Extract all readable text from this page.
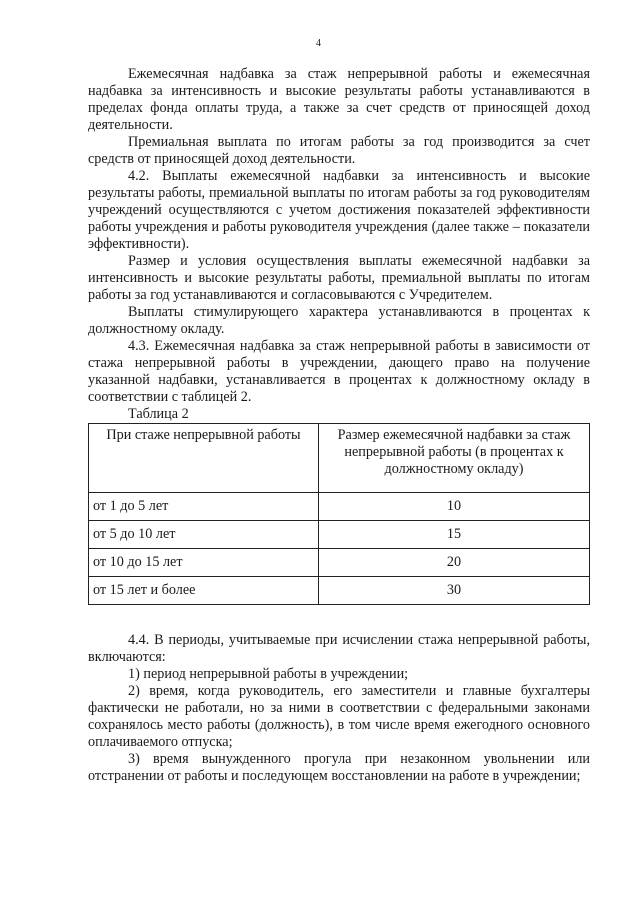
4

Ежемесячная надбавка за стаж непрерывной работы и ежемесячная надбавка за интенсивность и высокие результаты работы устанавливаются в пределах фонда оплаты труда, а также за счет средств от приносящей доход деятельности.

Премиальная выплата по итогам работы за год производится за счет средств от приносящей доход деятельности.

4.2. Выплаты ежемесячной надбавки за интенсивность и высокие результаты работы, премиальной выплаты по итогам работы за год руководителям учреждений осуществляются с учетом достижения показателей эффективности работы учреждения и работы руководителя учреждения (далее также – показатели эффективности).

Размер и условия осуществления выплаты ежемесячной надбавки за интенсивность и высокие результаты работы, премиальной выплаты по итогам работы за год устанавливаются и согласовываются с Учредителем.

Выплаты стимулирующего характера устанавливаются в процентах к должностному окладу.

4.3. Ежемесячная надбавка за стаж непрерывной работы в зависимости от стажа непрерывной работы в учреждении, дающего право на получение указанной надбавки, устанавливается в процентах к должностному окладу в соответствии с таблицей 2.

Таблица 2

При стаже непрерывной работы	Размер ежемесячной надбавки за стаж непрерывной работы (в процентах к должностному окладу)
от 1 до 5 лет	10
от 5 до 10 лет	15
от 10 до 15 лет	20
от 15 лет и более	30

4.4. В периоды, учитываемые при исчислении стажа непрерывной работы, включаются:

1) период непрерывной работы в учреждении;

2) время, когда руководитель, его заместители и главные бухгалтеры фактически не работали, но за ними в соответствии с федеральными законами сохранялось место работы (должность), в том числе время ежегодного основного оплачиваемого отпуска;

3) время вынужденного прогула при незаконном увольнении или отстранении от работы и последующем восстановлении на работе в учреждении;
